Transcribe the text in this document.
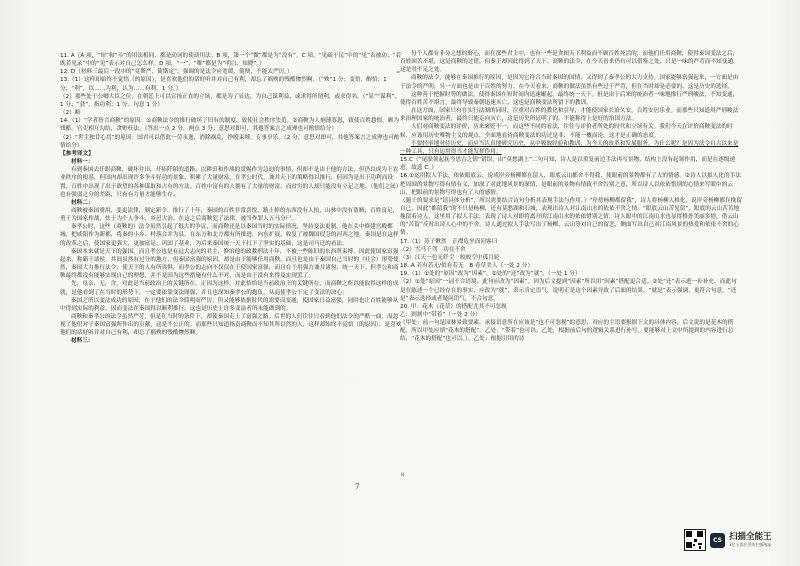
=

11. A（A 项，“短”和“斗”的用法相同，都是动词的使动用法。B 项，第一个“微”都是为“没有”。C 项，“见疏于民”中的“见”表被动；“若既若见录”中的“见”表示对自己怎么样。D 项，“一”、“稚”都是为“明白、知晓”。）

12. D（材料三最后一段中的“竟斯严、简斯定”，强调的是法令应宽缓，简便，不能太严厉。）

13.（1）这样却始终不觉悟（的原因），是喜欢他们的话好听并对自己有利，却忘了祸殃的残酷惨烈啊。（“殃”1 分；变悟，醒悟；1 分；“利”，以……为利，认为……有利，1 分。）

（2）那些处于公卿大臣之位，在朝廷上可以宣扬正直的立场，都是为了显达，为自己谋利益，或求得所谓利，或求得名。（“显”“谋利”，1 分；“获”，指功利；1 分。句意 1 分）

（2）略

14.（1）“学者皆言商鞅”的原因：①商鞅法令的推行破坏了旧有的制度，致使社会秩序失范。②商鞅为人刻薄寡恩，致使百姓怨恨，颇为残酷。官吏相互勾结，贪赃枉法。（答出一点 2 分，两点 3 分；意思对即可，其他答案言之成理也可酌情给分）

（2）“世主独甘心焉”的原因：国君可以借此一劳永逸，消除祸乱，挣脱束缚，专事享乐。（2 分，意思对即可，其他答案言之成理也可酌情给分）

【参考译文】

材料一：

有到秦国去任职商鞅，破坏井田，开拓阡陌的道路，以耕田和作战的赏赐作为急迫的事情，但却不是由于他的方法，但仍以成为下农业秩序的根基，但国内却出现许多争斗好功的景象，积累了大量财富。在孝公时代，兼并天下的策略得以推行，但因为是出于功利而设置，百姓中出现了出于欲望的各种谋取和占有的方法。百姓中富有的人拥有了大量的财富，而贫穷的人却只能没有立足之地。（他们之间）也有强弱之分的差距，只有有力量才能够生存。

材料二：

商鞅被秦国重用，变更法律，制定新令，推行了十年，秦国的百姓非常喜悦，路上掉的东西没有人拾，山林中没有盗贼，百姓富足，勇于为国家作战，怯于为个人争斗，乡邑大治。在这之后商鞅犯了法律，被当作罪人五马分尸。

秦孝公时，这些（商鞅的）法令虽然引起了很大的争议，而商鞅还是以秦国当时的实际情况，坚持变法更制。他在关中修建宫殿都城，把咸阳作为新都，将秦的小乡、村落合并为县，在东方和北方都有所推进，向东扩展，收复了被魏国侵夺的河西之地。秦国是在这样的改革之后，使国家更强大，更加富足、巩固了基业，为后来秦国统一天下打下了坚实的基础，这是司马迁的看法。

秦国本来就是天下的强国，而且孝公也是有远大志向的君主，修治他的政教刑法十年，不被一些陈旧的东西所束缚，因此使国家富强起来，称霸于诸侯。其间虽然有过分的地方，但秦国富强的原因，却是由于能够任用商鞅，而且也是由于秦国自己当时的（社会）形势使然，秦国大力推行法令，使天下的人有所畏惧，而孝公的志向不仅仅在于使国家富强，而且在于用强力兼并诸侯、统一天下。但孝公和商鞅最终都没有能够实现自己的理想，并不是因为这些措施有什么不对，而是由于没有来得及实现罢了。

先，母亲，无，含，对此是当前政治上的关键所在。正因为这样，对此恰恰是当前政治上的关键所在，而商鞅之所以能取得这样的成就，是他看到了在当时的形势下，一定要依靠变法图强，并且也深知秦孝公的抱负，从而使孝公下定了变法的决心。

秦国之所以变法成功的原因，在于他们的法令简明而严厉，但又能够依据时代的需要而变通，使国家日益富强，同时也让百姓能够从中得到实际的利益，因而变法在秦国得以顺利推行，这也是历史上许多变法者所未能做到的。

商鞅和秦孝公的法令虽然严苛，但是在当时的条件下，却使秦国走上了富强之路。后世的人们往往只看到他们法令的严酷一面，而忽视了他们对于秦国富强所作出的贡献，这是不公正的。而那些只知道指责商鞅而不知其所以然的人，这样却始终不觉悟（的原因），是喜欢他们的话好听并对自己有利，却忘了祸殃的残酷惨烈啊。

材料三：

每个人都有非分之想的野心，而在那些君主中，也有一些是贪图天下利益而不顾百姓死活的，而他们任用商鞅，使得秦国变法之后，百姓困苦不堪，这是商鞅的过错，但秦王却因此得到了天下。商鞅的法令，在今天看来仍有可以借鉴之处，只是一味的严苛而不知变通，这是其不足之处。

商鞅的法令，能够在秦国推行的原因，是因为它符合当时秦国的国情，又得到了秦孝公的大力支持。国家能够富强起来，一方面是由于法令的严明，另一方面也是由于百姓的努力。在今天看来，商鞅的做法虽然有些过于严苛，但在当时却是必要的，这是历史的选择。

这种善于把握时势的做法，使得秦国在短时间内迅速崛起，最终统一天下。但是由于后来的统治者一味地推行严刑峻法，不知变通，使得百姓苦不堪言，最终导致秦朝迅速灭亡，这也是商鞅变法所留下的教训。

在这方面，国家只有在实行法制的同时，注重对百姓的教化和引导，才能使国家长治久安，百姓安居乐业。而那些只知道用严刑峻法来治理国家的统治者，最终只能走向灭亡，这是历史所证明了的。不能称得上是好的治国方法。

人们对商鞅变法的评价，历来褒贬不一，而这些不同的看法，往往与评价者所处的时代和立场有关。我们今天在评价商鞅变法的时候，应该用历史唯物主义的观点，全面地看待商鞅变法的功过是非，不能一概而论，这才是正确的态度。

不要轻率地对待历史，而应当认真地研究历史，从中吸取经验和教训，为今天的改革和发展服务。为什么呢？是因为法令自古以来是一种工具，只有运用得当才能发挥作用。

15.C（“尾联领起抚今思古之情”错误，由“莫愁湖上”二句可知，诗人是以重复前边手法再写景物，结构上没有起领作用，而是在逐级递进。故选 C。）

16.①运用拟人手法，依依眼底云，说成岸旁杨柳都在留人，眼底云山都舍不得我，使眼前的景物都有了人的情感。②诗人以拟人化的手法把周围的景物写得有情有义，加深了对此地风景的深情，是眼前的景物有情致不舍告别之意，所以诗人以依依惜别的心情来写眼中的云山，把眼前的景物写得也有了人的感情。

（题干的要求是“请具体分析”，所以需要结合诗句分析其表现手法与作用。）“岸傍杨柳都留我”，诗人将杨柳人格化，说岸旁杨柳都在挽留自己，因此“都留我”的不只是杨柳，还有莫愁湖和石城，表现出诗人对江南山水的依依不舍之情。“眼底云山苦见留”，眼底的云山苦苦地挽留着诗人，这里用了拟人手法，表现了诗人对即将离开的江南山水的依依惜别之情，诗人眼中的江南山水也显得格外美丽多情，借云山的“苦留”反衬出诗人心中的不舍。诗人通过拟人手法写出了杨柳、云山等对自己的留恋，侧面写出自己对江南风景的热爱和依依不舍的心情。

17.（1）苏子愀然　正襟危坐而问客曰

（2）雪马千驾　功在不舍

（3）江天一色无纤尘　皎皎空中孤月轮

18. A 若有若无/似有若无　B 春草美人（一处 2 分）

19.（1）①处的“原因”改为“因素”，②处的“还”改为“就”。（一处 1 分）

（2）①处“原因”一词不合语境，此句应改为“因素”。因为后文提到“因素”所以用“因素”搭配更合适。②处“还”表示进一步补充，而此句是在陈述一个已经存在的事实，应改为“就”，表示肯定语气，说明正是这个因素导致了后面的结果。“就是”表示强调，更符合句意。“还是”表示选择或者疑问语气，不合句意。

20. 甲：花木（花草）的搭配尤其不可忽视

乙：则割中“带着”（一处 2 分）

（甲处：前一句是园林景致要素，承接语意所在应该是“也不可忽视”的意思，对应的主语要根据下文的具体内容，后文说的是花木的搭配，所以甲处应填“花木的搭配”。乙处：“带着”也可以。乙处，根据前后句的逻辑关系进行补写，要能够对上文中所提到的内容进行总结，“花木的搭配”也可以。），乙处：根据引用的诗

7
8
CS 扫描全能王
3亿人都在用的扫描App
